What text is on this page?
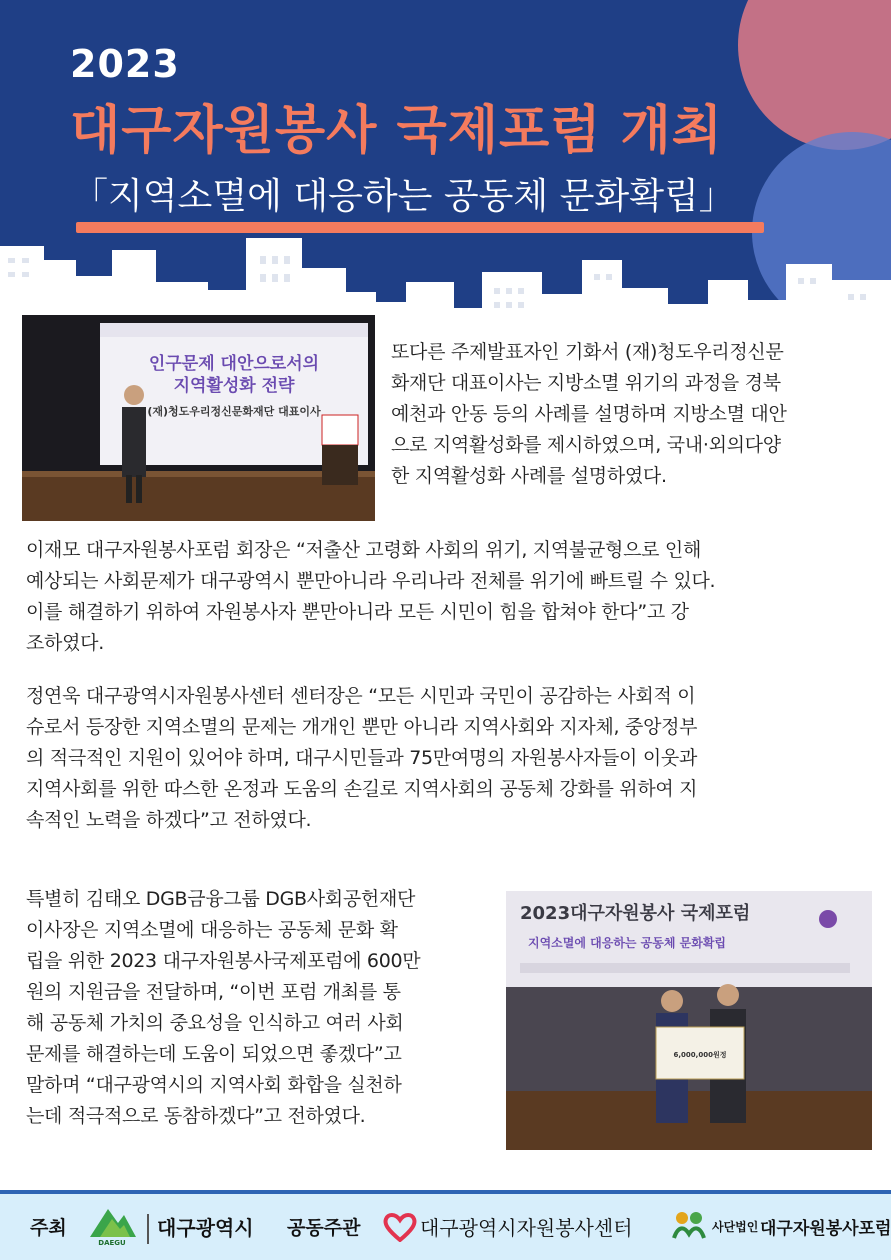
2023
대구자원봉사 국제포럼 개최
「지역소멸에 대응하는 공동체 문화확립」
인구문제 대안으로서의
지역활성화 전략
(재)청도우리정신문화재단 대표이사
또다른 주제발표자인 기화서 (재)청도우리정신문
화재단 대표이사는 지방소멸 위기의 과정을 경북
예천과 안동 등의 사례를 설명하며 지방소멸 대안
으로 지역활성화를 제시하였으며, 국내·외의다양
한 지역활성화 사례를 설명하였다.
이재모 대구자원봉사포럼 회장은 “저출산 고령화 사회의 위기, 지역불균형으로 인해
예상되는 사회문제가 대구광역시 뿐만아니라 우리나라 전체를 위기에 빠트릴 수 있다.
이를 해결하기 위하여 자원봉사자 뿐만아니라 모든 시민이 힘을 합쳐야 한다”고 강
조하였다.
정연욱 대구광역시자원봉사센터 센터장은 “모든 시민과 국민이 공감하는 사회적 이
슈로서 등장한 지역소멸의 문제는 개개인 뿐만 아니라 지역사회와 지자체, 중앙정부
의 적극적인 지원이 있어야 하며, 대구시민들과 75만여명의 자원봉사자들이 이웃과
지역사회를 위한 따스한 온정과 도움의 손길로 지역사회의 공동체 강화를 위하여 지
속적인 노력을 하겠다”고 전하였다.
특별히 김태오 DGB금융그룹 DGB사회공헌재단
이사장은 지역소멸에 대응하는 공동체 문화 확
립을 위한 2023 대구자원봉사국제포럼에 600만
원의 지원금을 전달하며, “이번 포럼 개최를 통
해 공동체 가치의 중요성을 인식하고 여러 사회
문제를 해결하는데 도움이 되었으면 좋겠다”고
말하며 “대구광역시의 지역사회 화합을 실천하
는데 적극적으로 동참하겠다”고 전하였다.
2023대구자원봉사 국제포럼
지역소멸에 대응하는 공동체 문화확립
6,000,000원정
주최
DAEGU
대구광역시 공동주관	대구광역시자원봉사센터	사단법인 대구자원봉사포럼
